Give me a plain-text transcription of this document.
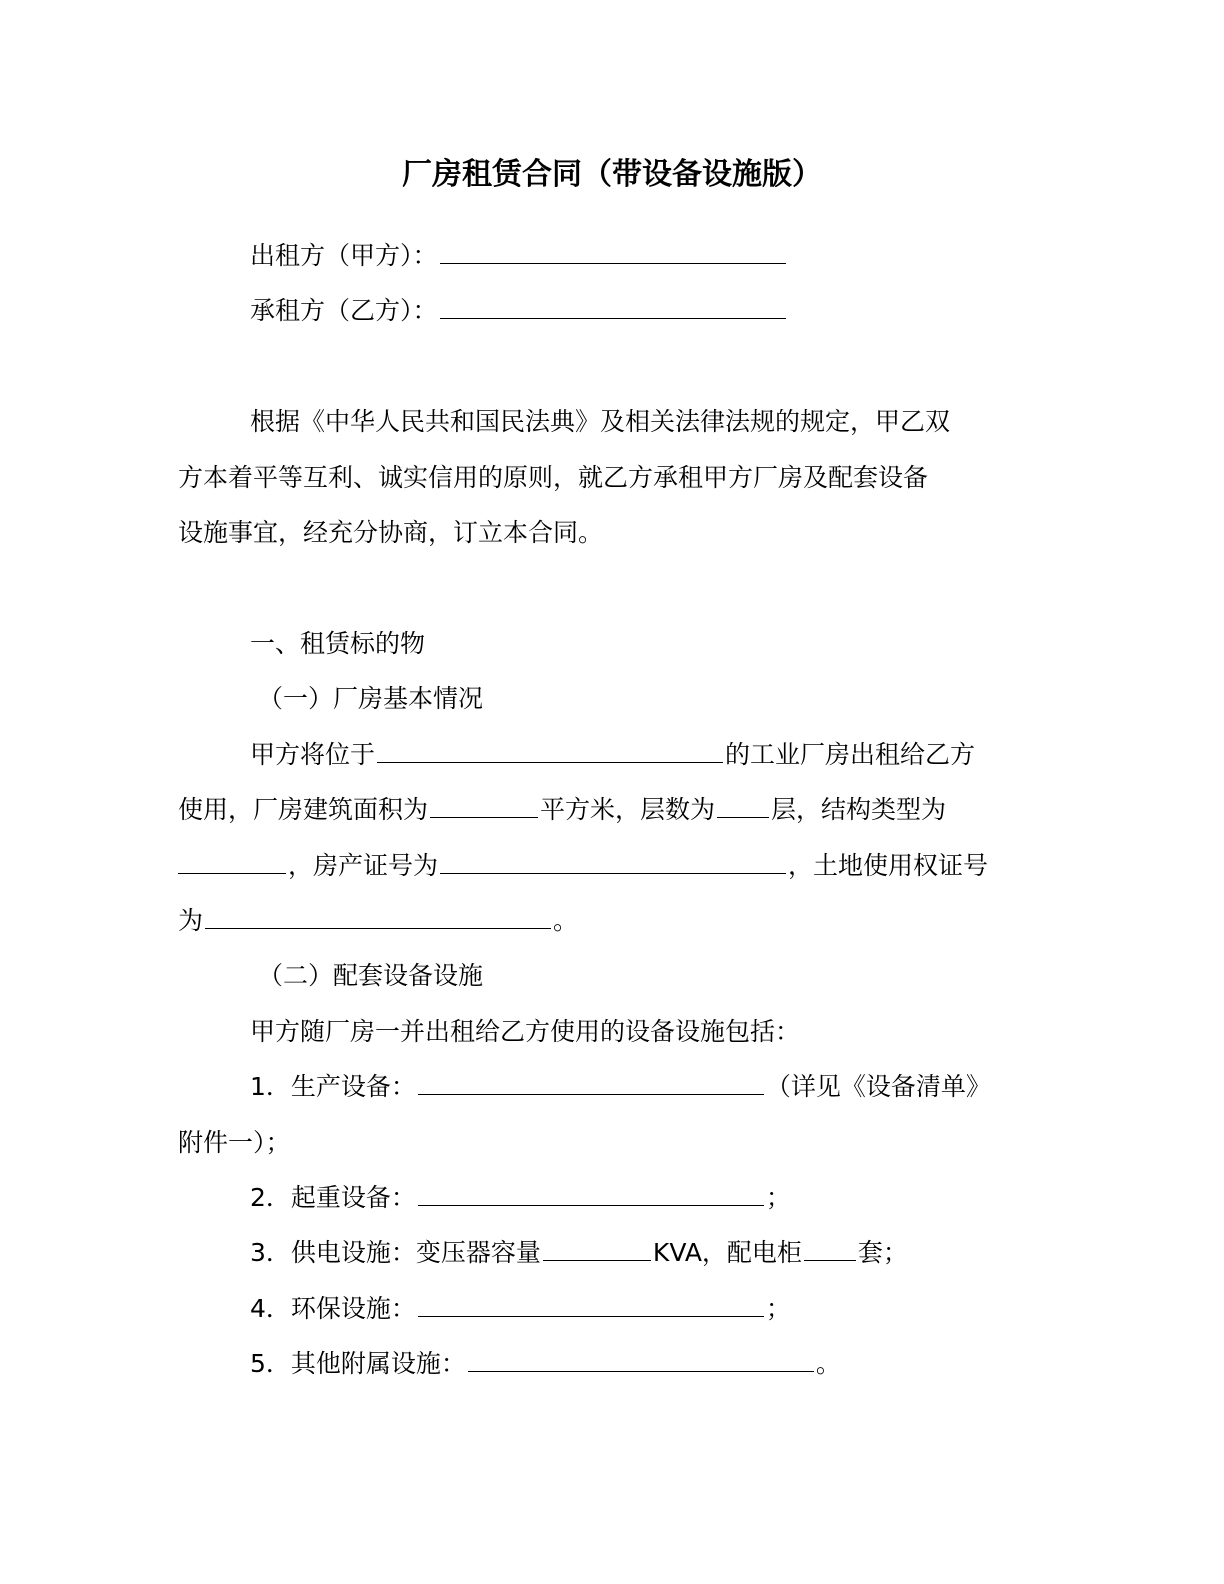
厂房租赁合同（带设备设施版）
出租方（甲方）：
承租方（乙方）：
根据《中华人民共和国民法典》及相关法律法规的规定，甲乙双
方本着平等互利、诚实信用的原则，就乙方承租甲方厂房及配套设备
设施事宜，经充分协商，订立本合同。
一、租赁标的物
（一）厂房基本情况
甲方将位于	的工业厂房出租给乙方
使用，厂房建筑面积为	平方米，层数为 层，结构类型为
，房产证号为	，土地使用权证号
为	。
（二）配套设备设施
甲方随厂房一并出租给乙方使用的设备设施包括：
1．生产设备：	（详见《设备清单》
附件一）；
2．起重设备：	；
3．供电设施：变压器容量	KVA，配电柜 套；
4．环保设施：	；
5．其他附属设施：	。
